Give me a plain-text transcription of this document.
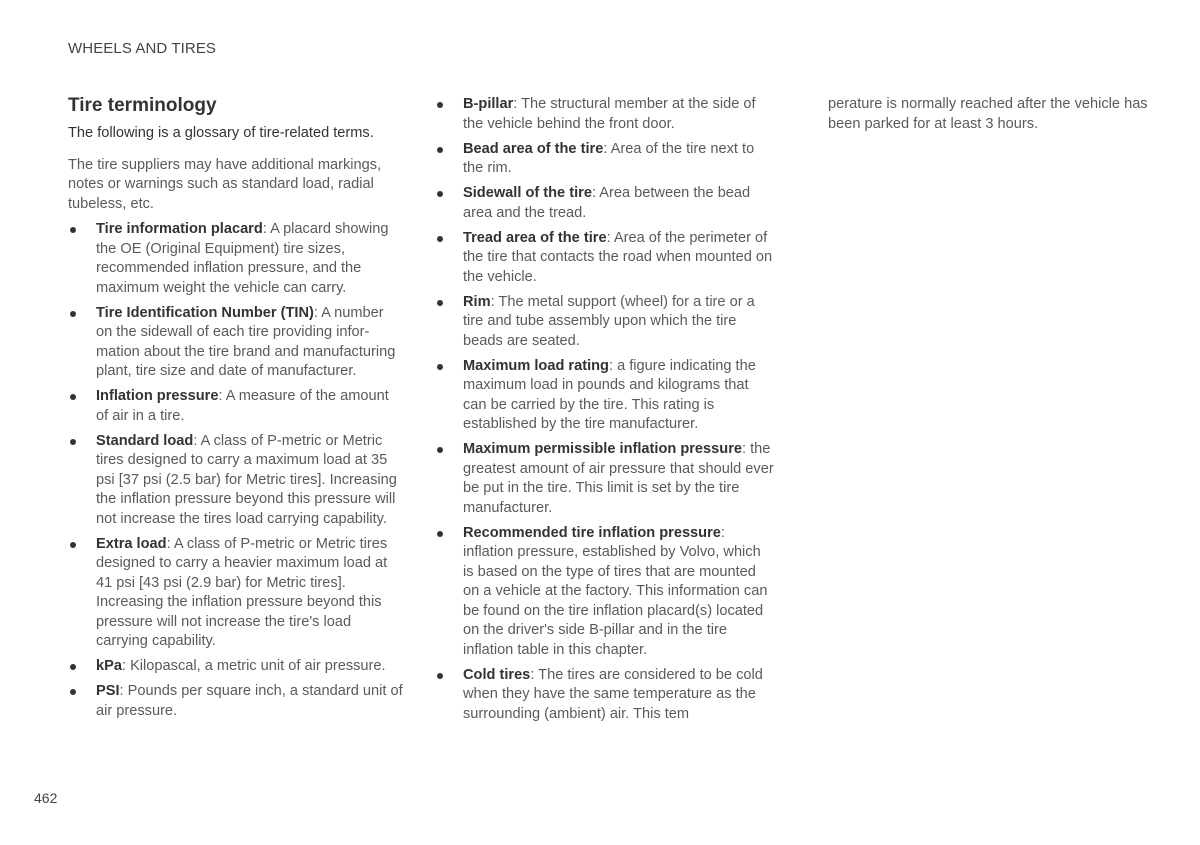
WHEELS AND TIRES
Tire terminology

The following is a glossary of tire-related terms.

The tire suppliers may have additional markings, notes or warnings such as standard load, radial tubeless, etc.

Tire information placard: A placard showing the OE (Original Equipment) tire sizes, recommended inflation pressure, and the maximum weight the vehicle can carry.
Tire Identification Number (TIN): A number on the sidewall of each tire providing information about the tire brand and manufacturing plant, tire size and date of manufacturer.
Inflation pressure: A measure of the amount of air in a tire.
Standard load: A class of P-metric or Metric tires designed to carry a maximum load at 35 psi [37 psi (2.5 bar) for Metric tires]. Increasing the inflation pressure beyond this pressure will not increase the tires load carrying capability.
Extra load: A class of P-metric or Metric tires designed to carry a heavier maximum load at 41 psi [43 psi (2.9 bar) for Metric tires]. Increasing the inflation pressure beyond this pressure will not increase the tire's load carrying capability.
kPa: Kilopascal, a metric unit of air pressure.
PSI: Pounds per square inch, a standard unit of air pressure.
B-pillar: The structural member at the side of the vehicle behind the front door.
Bead area of the tire: Area of the tire next to the rim.
Sidewall of the tire: Area between the bead area and the tread.
Tread area of the tire: Area of the perimeter of the tire that contacts the road when mounted on the vehicle.
Rim: The metal support (wheel) for a tire or a tire and tube assembly upon which the tire beads are seated.
Maximum load rating: a figure indicating the maximum load in pounds and kilograms that can be carried by the tire. This rating is established by the tire manufacturer.
Maximum permissible inflation pressure: the greatest amount of air pressure that should ever be put in the tire. This limit is set by the tire manufacturer.
Recommended tire inflation pressure: inflation pressure, established by Volvo, which is based on the type of tires that are mounted on a vehicle at the factory. This information can be found on the tire inflation placard(s) located on the driver's side B-pillar and in the tire inflation table in this chapter.
Cold tires: The tires are considered to be cold when they have the same temperature as the surrounding (ambient) air. This tem

perature is normally reached after the vehicle has been parked for at least 3 hours.

462
